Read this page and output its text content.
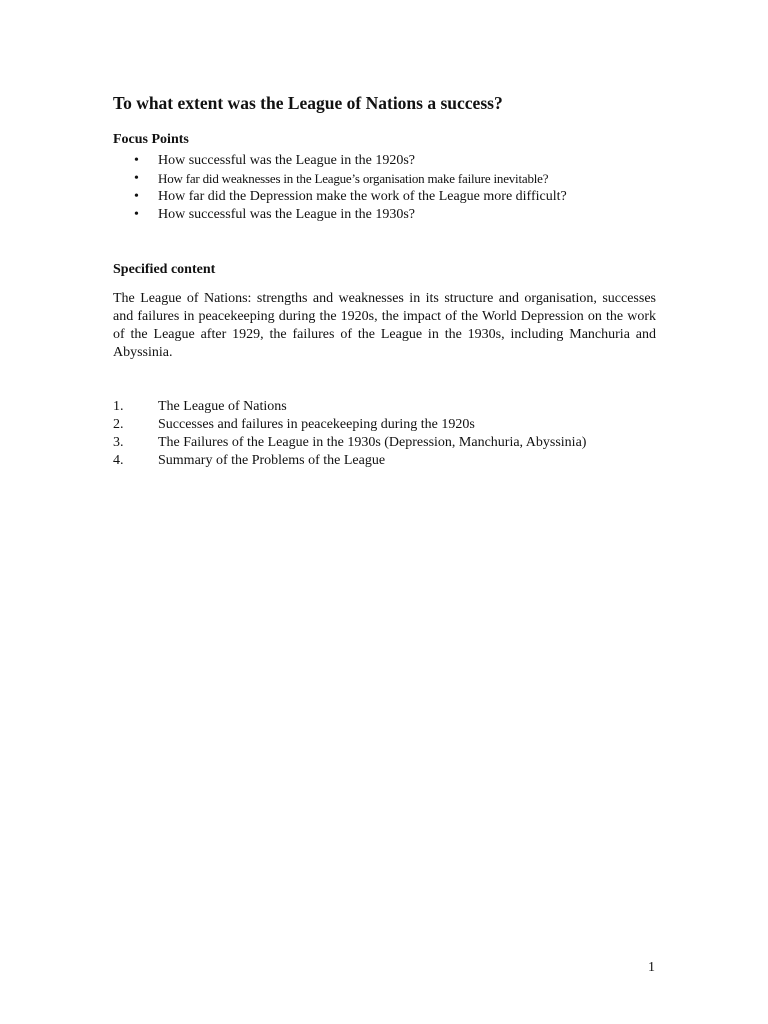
To what extent was the League of Nations a success?
Focus Points
• How successful was the League in the 1920s?
• How far did weaknesses in the League’s organisation make failure inevitable?
• How far did the Depression make the work of the League more difficult?
• How successful was the League in the 1930s?
Specified content
The League of Nations: strengths and weaknesses in its structure and organisation, successes and failures in peacekeeping during the 1920s, the impact of the World Depression on the work of the League after 1929, the failures of the League in the 1930s, including Manchuria and Abyssinia.
1. The League of Nations
2. Successes and failures in peacekeeping during the 1920s
3. The Failures of the League in the 1930s (Depression, Manchuria, Abyssinia)
4. Summary of the Problems of the League
1
